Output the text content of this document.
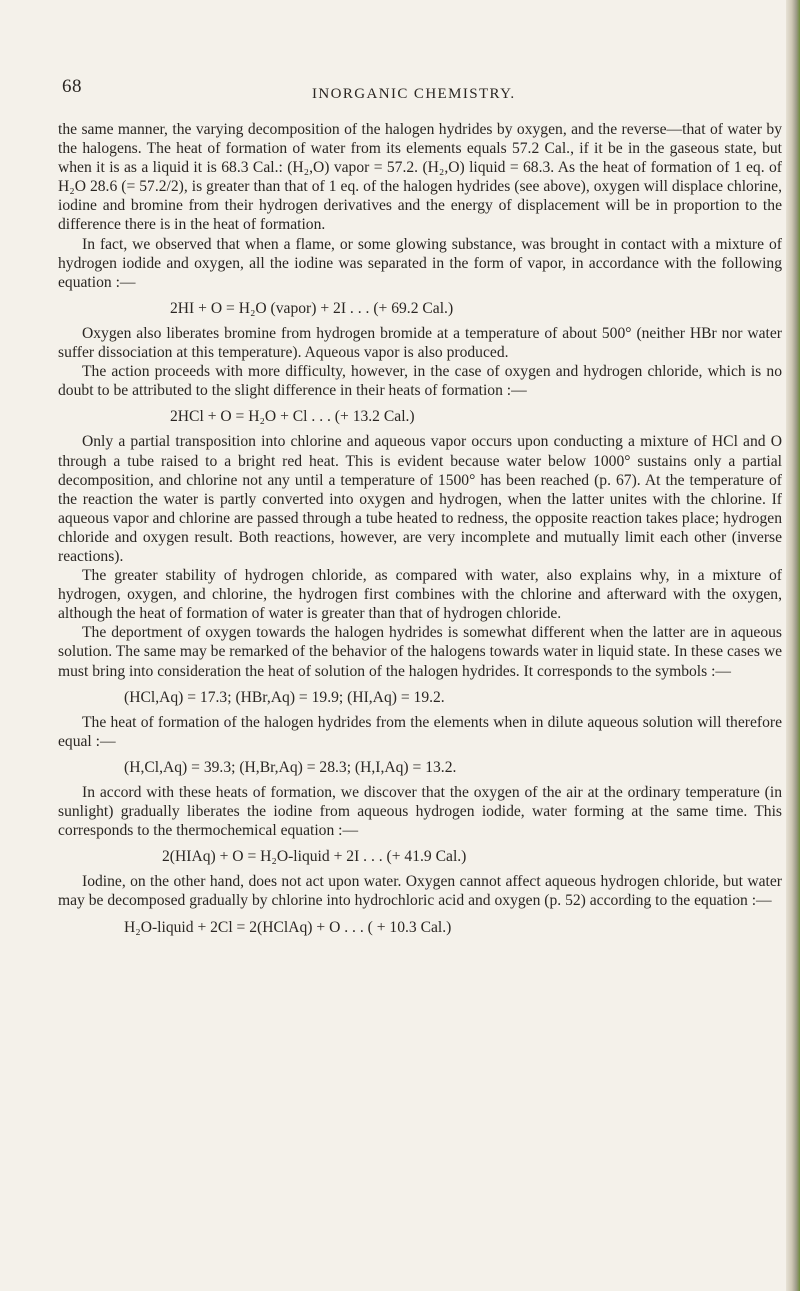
68	INORGANIC CHEMISTRY.

the same manner, the varying decomposition of the halogen hydrides by oxygen, and the reverse—that of water by the halogens. The heat of formation of water from its elements equals 57.2 Cal., if it be in the gaseous state, but when it is as a liquid it is 68.3 Cal.: (H₂,O) vapor = 57.2. (H₂,O) liquid = 68.3. As the heat of formation of 1 eq. of H₂O 28.6 (= 57.2/2), is greater than that of 1 eq. of the halogen hydrides (see above), oxygen will displace chlorine, iodine and bromine from their hydrogen derivatives and the energy of displacement will be in proportion to the difference there is in the heat of formation.

In fact, we observed that when a flame, or some glowing substance, was brought in contact with a mixture of hydrogen iodide and oxygen, all the iodine was separated in the form of vapor, in accordance with the following equation :—

2HI + O = H₂O (vapor) + 2I . . . (+ 69.2 Cal.)

Oxygen also liberates bromine from hydrogen bromide at a temperature of about 500° (neither HBr nor water suffer dissociation at this temperature). Aqueous vapor is also produced.

The action proceeds with more difficulty, however, in the case of oxygen and hydrogen chloride, which is no doubt to be attributed to the slight difference in their heats of formation :—

2HCl + O = H₂O + Cl . . . (+ 13.2 Cal.)

Only a partial transposition into chlorine and aqueous vapor occurs upon conducting a mixture of HCl and O through a tube raised to a bright red heat. This is evident because water below 1000° sustains only a partial decomposition, and chlorine not any until a temperature of 1500° has been reached (p. 67). At the temperature of the reaction the water is partly converted into oxygen and hydrogen, when the latter unites with the chlorine. If aqueous vapor and chlorine are passed through a tube heated to redness, the opposite reaction takes place; hydrogen chloride and oxygen result. Both reactions, however, are very incomplete and mutually limit each other (inverse reactions).

The greater stability of hydrogen chloride, as compared with water, also explains why, in a mixture of hydrogen, oxygen, and chlorine, the hydrogen first combines with the chlorine and afterward with the oxygen, although the heat of formation of water is greater than that of hydrogen chloride.

The deportment of oxygen towards the halogen hydrides is somewhat different when the latter are in aqueous solution. The same may be remarked of the behavior of the halogens towards water in liquid state. In these cases we must bring into consideration the heat of solution of the halogen hydrides. It corresponds to the symbols :—

(HCl,Aq) = 17.3; (HBr,Aq) = 19.9; (HI,Aq) = 19.2.

The heat of formation of the halogen hydrides from the elements when in dilute aqueous solution will therefore equal :—

(H,Cl,Aq) = 39.3; (H,Br,Aq) = 28.3; (H,I,Aq) = 13.2.

In accord with these heats of formation, we discover that the oxygen of the air at the ordinary temperature (in sunlight) gradually liberates the iodine from aqueous hydrogen iodide, water forming at the same time. This corresponds to the thermochemical equation :—

2(HIAq) + O = H₂O-liquid + 2I . . . (+ 41.9 Cal.)

Iodine, on the other hand, does not act upon water. Oxygen cannot affect aqueous hydrogen chloride, but water may be decomposed gradually by chlorine into hydrochloric acid and oxygen (p. 52) according to the equation :—

H₂O-liquid + 2Cl = 2(HClAq) + O . . . ( + 10.3 Cal.)
